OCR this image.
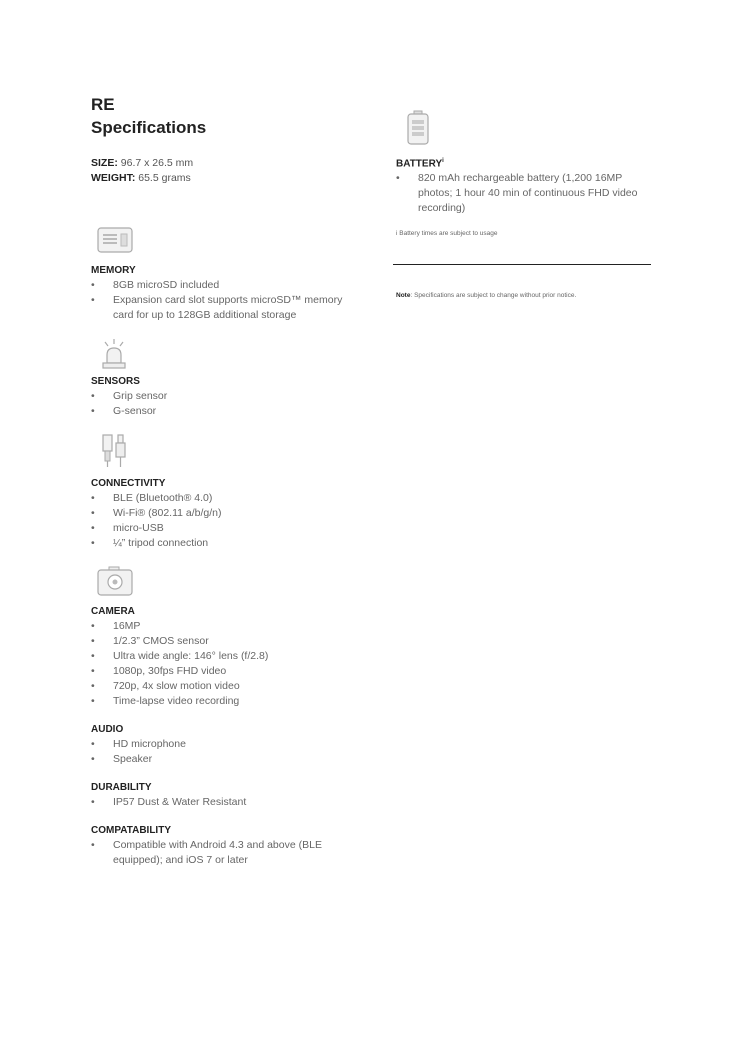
RE
Specifications
SIZE: 96.7 x 26.5 mm
WEIGHT: 65.5 grams
MEMORY
• 8GB microSD included
• Expansion card slot supports microSD™ memory card for up to 128GB additional storage
SENSORS
• Grip sensor
• G-sensor
CONNECTIVITY
• BLE (Bluetooth® 4.0)
• Wi-Fi® (802.11 a/b/g/n)
• micro-USB
• ¼” tripod connection
CAMERA
• 16MP
• 1/2.3” CMOS sensor
• Ultra wide angle: 146° lens (f/2.8)
• 1080p, 30fps FHD video
• 720p, 4x slow motion video
• Time-lapse video recording
AUDIO
• HD microphone
• Speaker
DURABILITY
• IP57 Dust & Water Resistant
COMPATABILITY
• Compatible with Android 4.3 and above (BLE equipped); and iOS 7 or later
BATTERY$^i$
• 820 mAh rechargeable battery (1,200 16MP photos; 1 hour 40 min of continuous FHD video recording)
i Battery times are subject to usage
Note: Specifications are subject to change without prior notice.
